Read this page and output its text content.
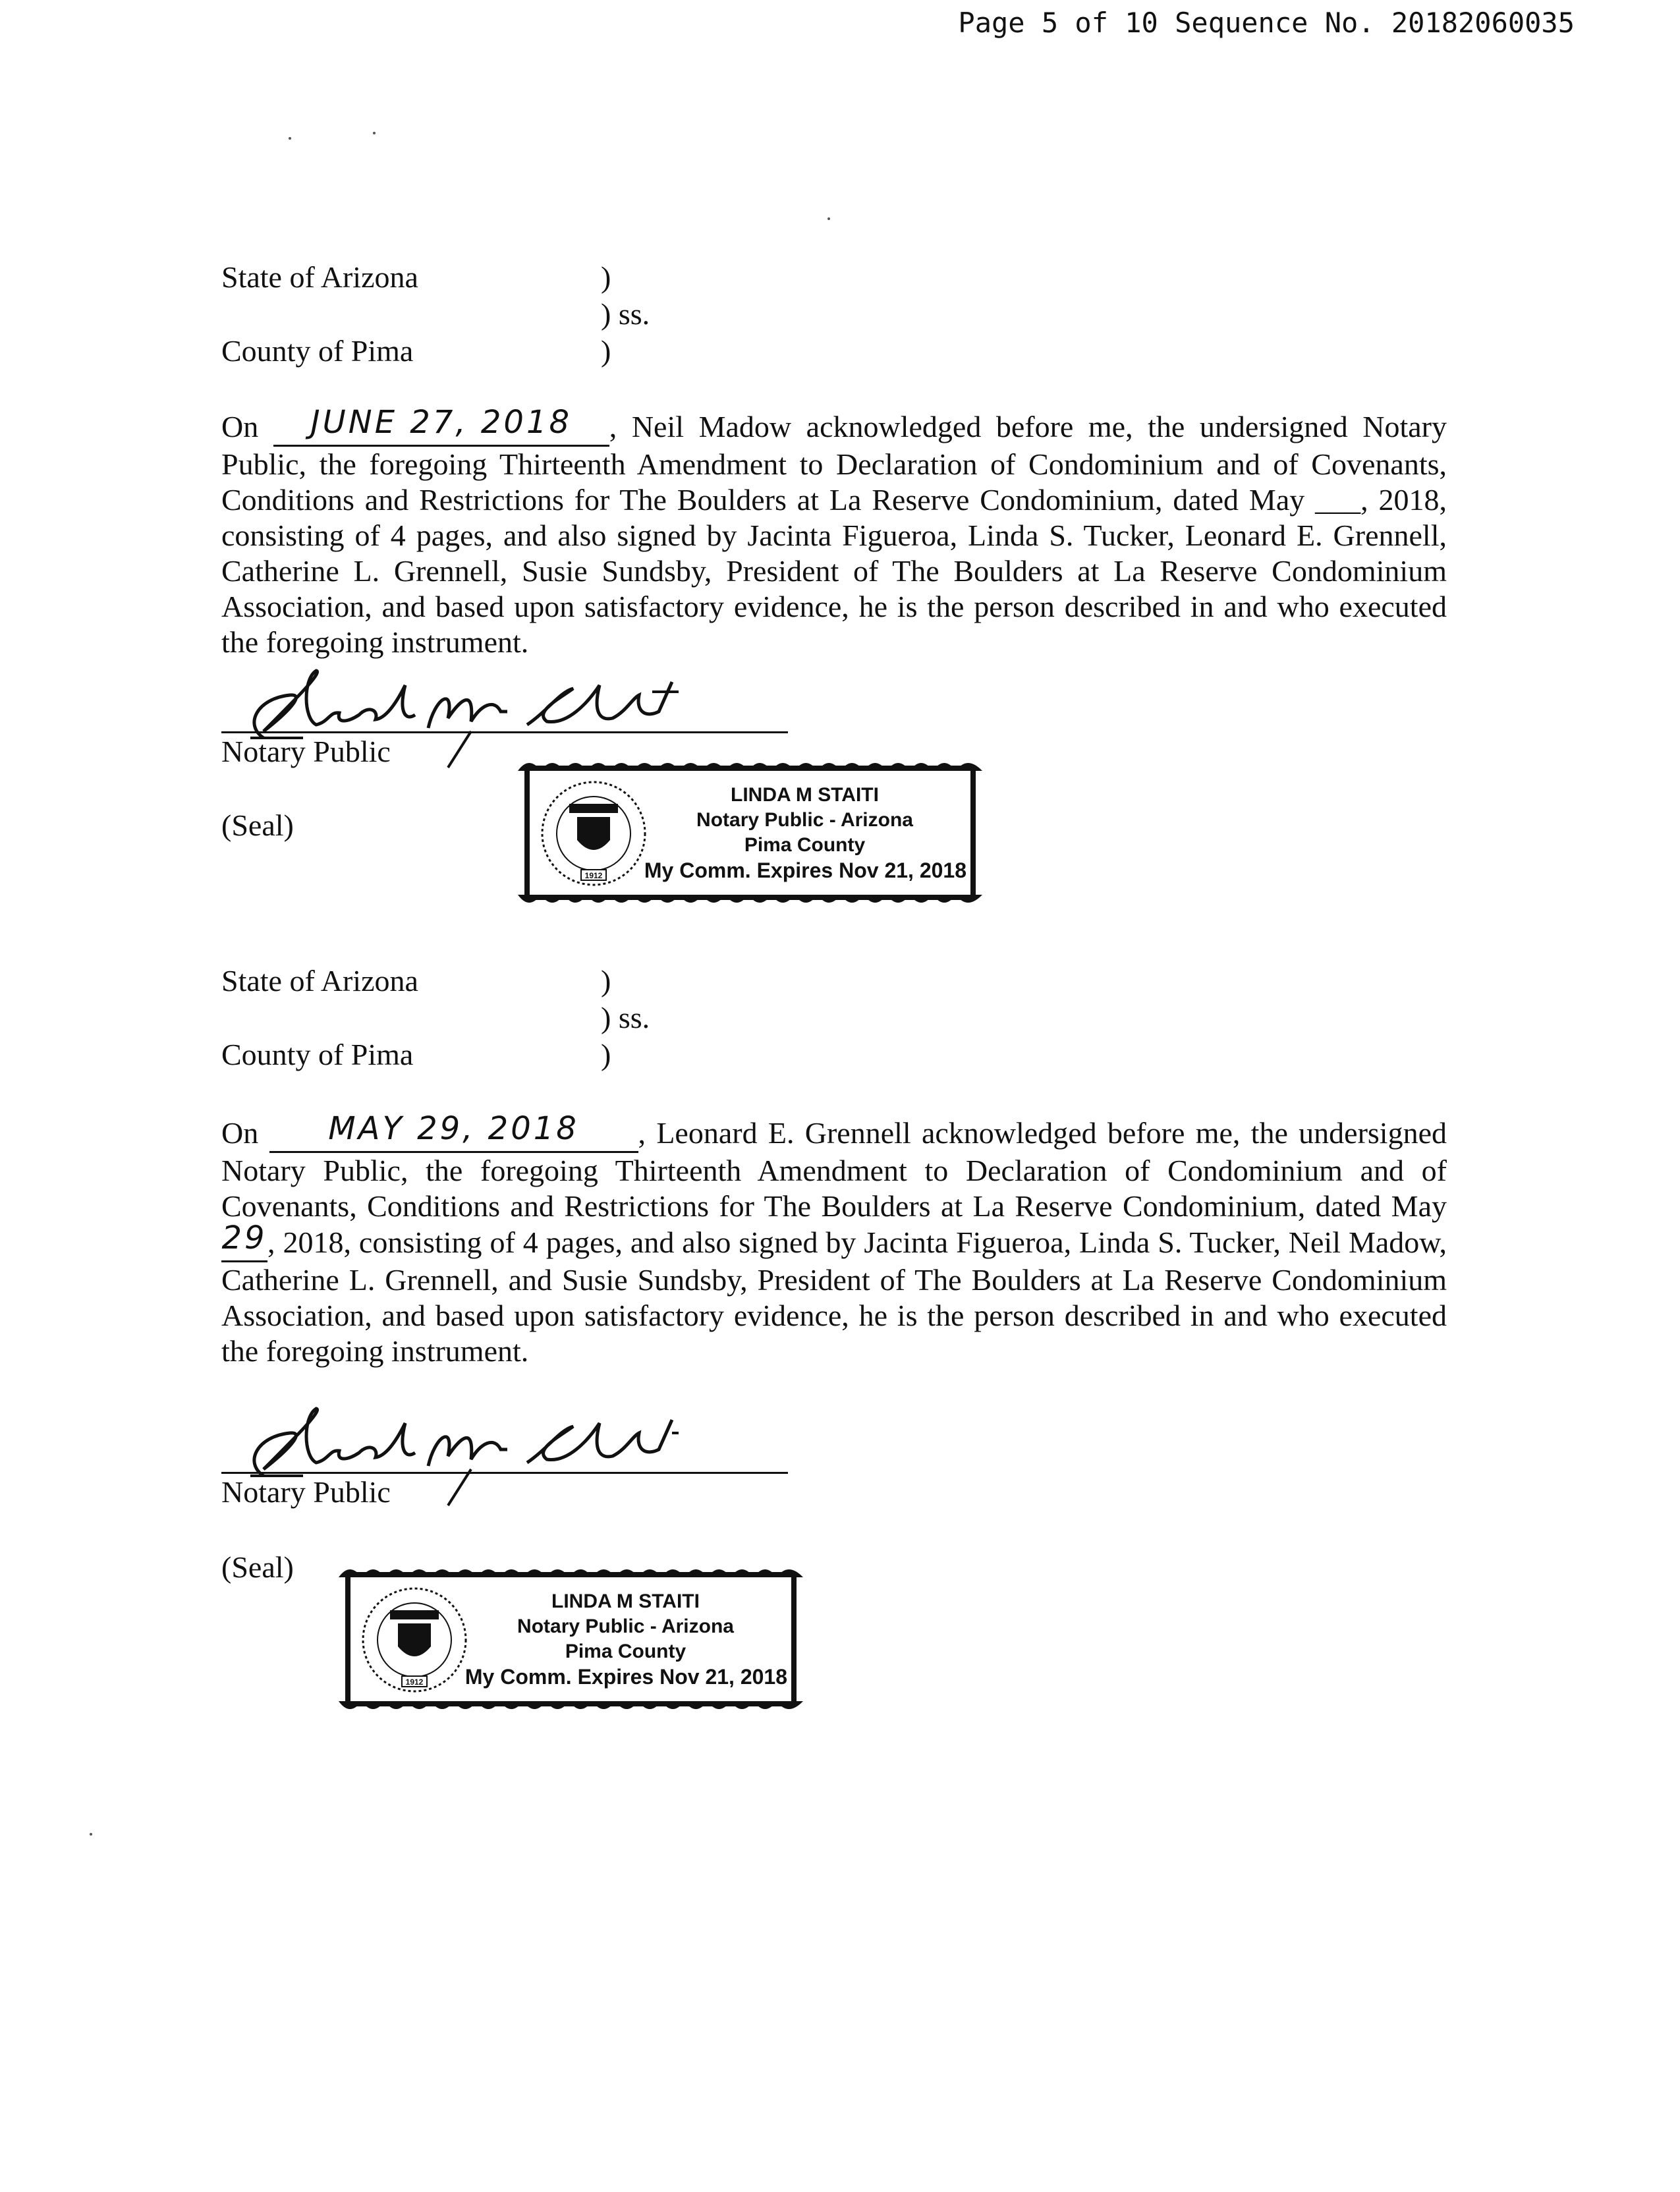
Page 5 of 10 Sequence No. 20182060035
State of Arizona	)
) ss.
County of Pima	)

On JUNE 27, 2018 , Neil Madow acknowledged before me, the undersigned Notary Public, the foregoing Thirteenth Amendment to Declaration of Condominium and of Covenants, Conditions and Restrictions for The Boulders at La Reserve Condominium, dated May ___, 2018, consisting of 4 pages, and also signed by Jacinta Figueroa, Linda S. Tucker, Leonard E. Grennell, Catherine L. Grennell, Susie Sundsby, President of The Boulders at La Reserve Condominium Association, and based upon satisfactory evidence, he is the person described in and who executed the foregoing instrument.

Notary Public
(Seal)
1912
LINDA M STAITI
Notary Public - Arizona
Pima County
My Comm. Expires Nov 21, 2018
State of Arizona	)
) ss.
County of Pima	)

On MAY 29, 2018 , Leonard E. Grennell acknowledged before me, the undersigned Notary Public, the foregoing Thirteenth Amendment to Declaration of Condominium and of Covenants, Conditions and Restrictions for The Boulders at La Reserve Condominium, dated May 29, 2018, consisting of 4 pages, and also signed by Jacinta Figueroa, Linda S. Tucker, Neil Madow, Catherine L. Grennell, and Susie Sundsby, President of The Boulders at La Reserve Condominium Association, and based upon satisfactory evidence, he is the person described in and who executed the foregoing instrument.

Notary Public
(Seal)
1912
LINDA M STAITI
Notary Public - Arizona
Pima County
My Comm. Expires Nov 21, 2018
